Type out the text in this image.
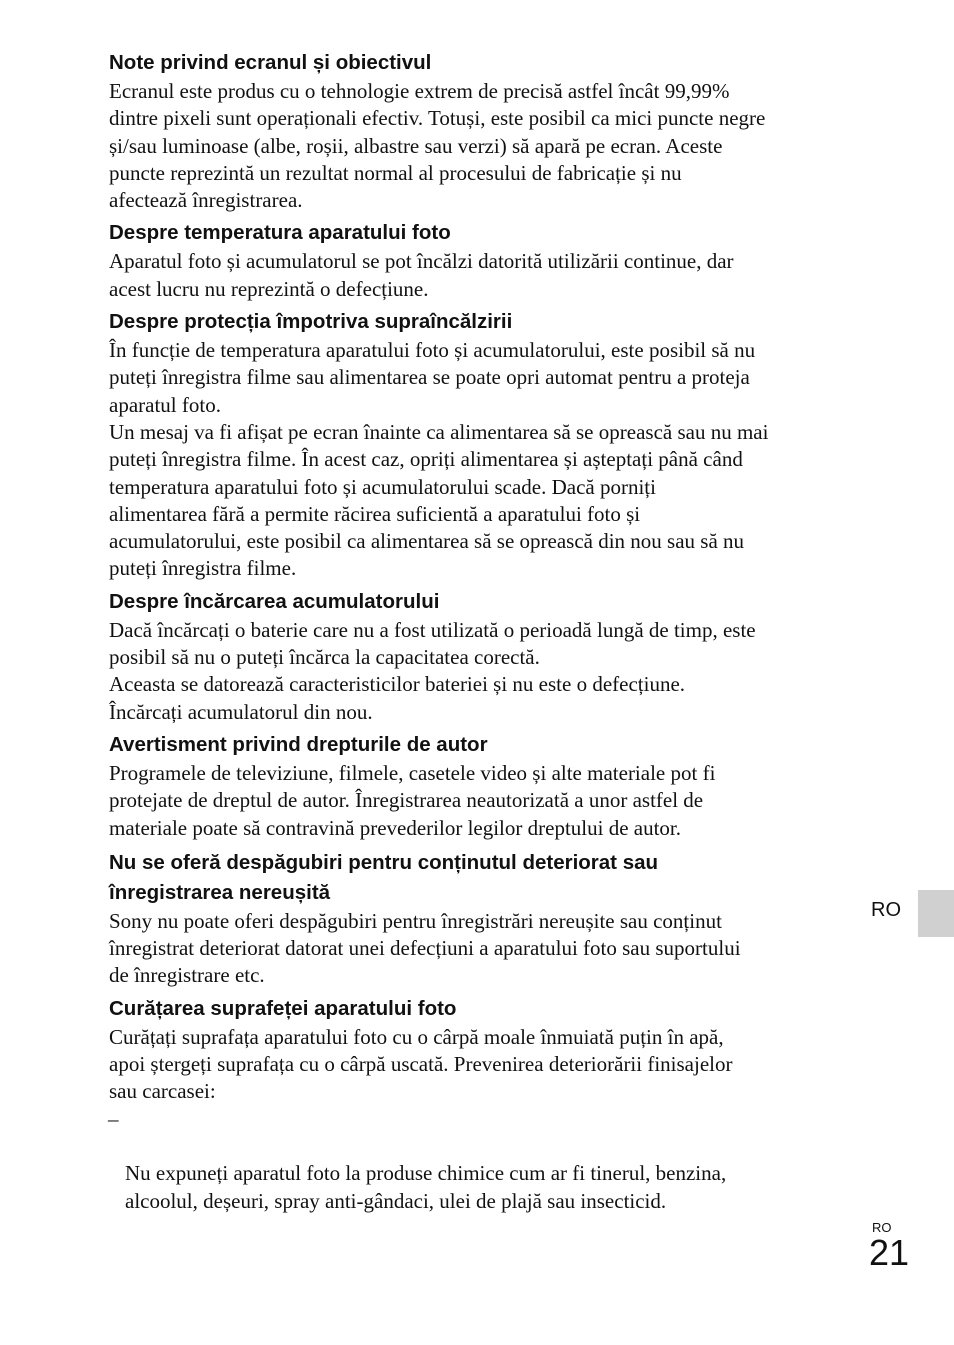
Note privind ecranul și obiectivul

Ecranul este produs cu o tehnologie extrem de precisă astfel încât 99,99%
dintre pixeli sunt operaționali efectiv. Totuși, este posibil ca mici puncte negre
și/sau luminoase (albe, roșii, albastre sau verzi) să apară pe ecran. Aceste
puncte reprezintă un rezultat normal al procesului de fabricație și nu
afectează înregistrarea.

Despre temperatura aparatului foto

Aparatul foto și acumulatorul se pot încălzi datorită utilizării continue, dar
acest lucru nu reprezintă o defecțiune.

Despre protecția împotriva supraîncălzirii

În funcție de temperatura aparatului foto și acumulatorului, este posibil să nu
puteți înregistra filme sau alimentarea se poate opri automat pentru a proteja
aparatul foto.
Un mesaj va fi afișat pe ecran înainte ca alimentarea să se oprească sau nu mai
puteți înregistra filme. În acest caz, opriți alimentarea și așteptați până când
temperatura aparatului foto și acumulatorului scade. Dacă porniți
alimentarea fără a permite răcirea suficientă a aparatului foto și
acumulatorului, este posibil ca alimentarea să se oprească din nou sau să nu
puteți înregistra filme.

Despre încărcarea acumulatorului

Dacă încărcați o baterie care nu a fost utilizată o perioadă lungă de timp, este
posibil să nu o puteți încărca la capacitatea corectă.
Aceasta se datorează caracteristicilor bateriei și nu este o defecțiune.
Încărcați acumulatorul din nou.

Avertisment privind drepturile de autor

Programele de televiziune, filmele, casetele video și alte materiale pot fi
protejate de dreptul de autor. Înregistrarea neautorizată a unor astfel de
materiale poate să contravină prevederilor legilor dreptului de autor.

Nu se oferă despăgubiri pentru conținutul deteriorat sau
înregistrarea nereușită

Sony nu poate oferi despăgubiri pentru înregistrări nereușite sau conținut
înregistrat deteriorat datorat unei defecțiuni a aparatului foto sau suportului
de înregistrare etc.

Curățarea suprafeței aparatului foto

Curățați suprafața aparatului foto cu o cârpă moale înmuiată puțin în apă,
apoi ștergeți suprafața cu o cârpă uscată. Prevenirea deteriorării finisajelor
sau carcasei:

–

Nu expuneți aparatul foto la produse chimice cum ar fi tinerul, benzina,
alcoolul, deșeuri, spray anti-gândaci, ulei de plajă sau insecticid.

RO
RO
21
